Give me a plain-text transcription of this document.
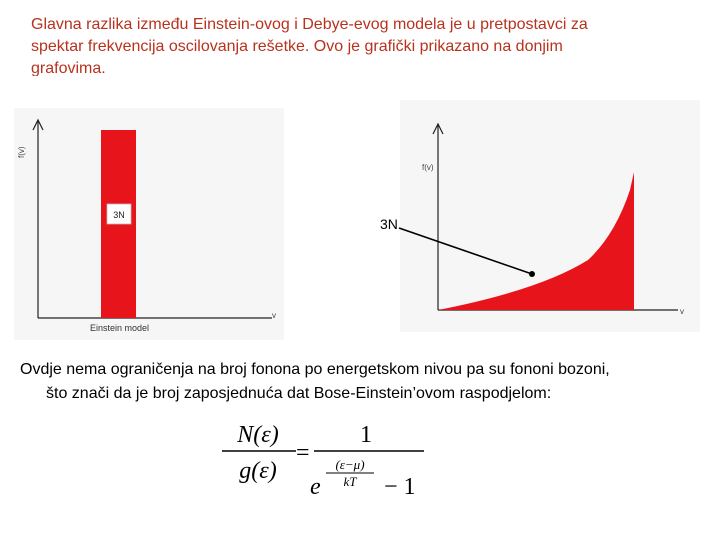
Glavna razlika između Einstein-ovog i Debye-evog modela je u pretpostavci za
spektar frekvencija oscilovanja rešetke. Ovo je grafički prikazano na donjim
grafovima.
f(v)
v
3N
Einstein model
f(v)
v
3N
Ovdje nema ograničenja na broj fonona po energetskom nivou pa su fononi bozoni,
što znači da je broj zaposjednuća dat Bose-Einstein’ovom raspodjelom:
N(ε)
g(ε)
=
1
e
(ε−μ)
kT − 1
